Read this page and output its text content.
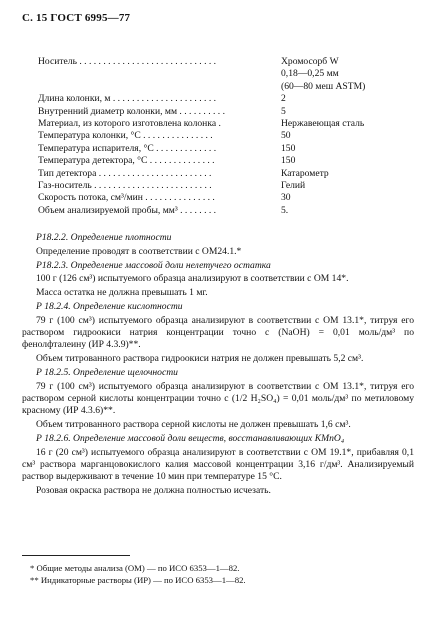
С. 15 ГОСТ 6995—77
Носитель . . . . . . . . . . . . . . . . . . . . . . . . . . . . .	Хромосорб W
0,18—0,25 мм
(60—80 меш ASTM)
Длина колонки, м . . . . . . . . . . . . . . . . . . . . . .	2
Внутренний диаметр колонки, мм . . . . . . . . . .	5
Материал, из которого изготовлена колонка .	Нержавеющая сталь
Температура колонки, °С . . . . . . . . . . . . . . .	50
Температура испарителя, °С . . . . . . . . . . . . .	150
Температура детектора, °С . . . . . . . . . . . . . .	150
Тип детектора . . . . . . . . . . . . . . . . . . . . . . . .	Катарометр
Газ-носитель . . . . . . . . . . . . . . . . . . . . . . . . .	Гелий
Скорость потока, см³/мин . . . . . . . . . . . . . . .	30
Объем анализируемой пробы, мм³ . . . . . . . .	5.

Р18.2.2. Определение плотности

Определение проводят в соответствии с ОМ24.1.*

Р18.2.3. Определение массовой доли нелетучего остатка

100 г (126 см³) испытуемого образца анализируют в соответствии с ОМ 14*.

Масса остатка не должна превышать 1 мг.

Р 18.2.4. Определение кислотности

79 г (100 см³) испытуемого образца анализируют в соответствии с ОМ 13.1*, титруя его раствором гидроокиси натрия концентрации точно с (NaOH) = 0,01 моль/дм³ по фенолфталеину (ИР 4.3.9)**.

Объем титрованного раствора гидроокиси натрия не должен превышать 5,2 см³.

Р 18.2.5. Определение щелочности

79 г (100 см³) испытуемого образца анализируют в соответствии с ОМ 13.1*, титруя его раствором серной кислоты концентрации точно с (1/2 H₂SO₄) = 0,01 моль/дм³ по метиловому красному (ИР 4.3.6)**.

Объем титрованного раствора серной кислоты не должен превышать 1,6 см³.

Р 18.2.6. Определение массовой доли веществ, восстанавливающих KMnO₄

16 г (20 см³) испытуемого образца анализируют в соответствии с ОМ 19.1*, прибавляя 0,1 см³ раствора марганцовокислого калия массовой концентрации 3,16 г/дм³. Анализируемый раствор выдерживают в течение 10 мин при температуре 15 °С.

Розовая окраска раствора не должна полностью исчезать.

* Общие методы анализа (ОМ) — по ИСО 6353—1—82.
** Индикаторные растворы (ИР) — по ИСО 6353—1—82.
